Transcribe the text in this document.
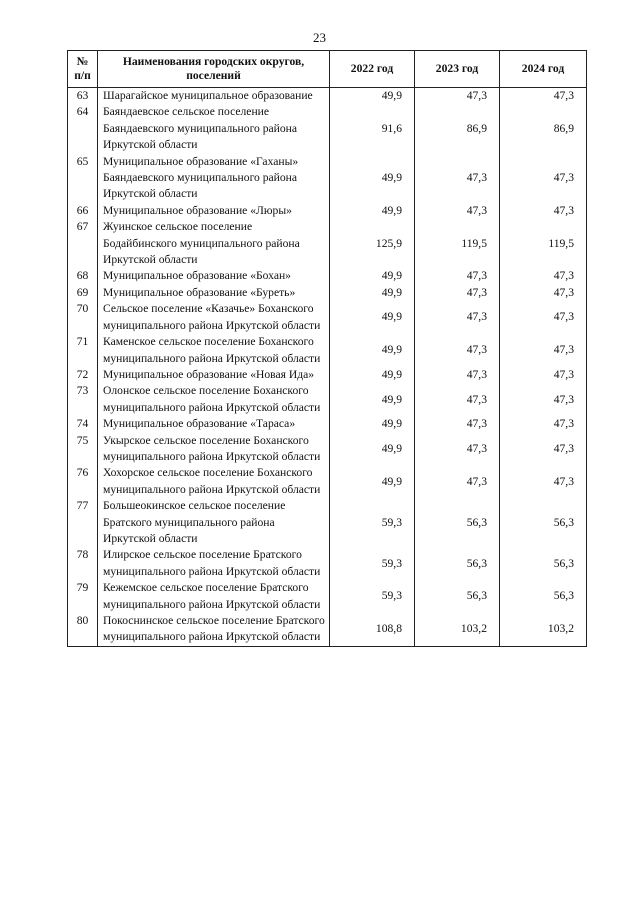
23
№
п/п	Наименования городских округов, поселений	2022 год	2023 год	2024 год
63	Шарагайское муниципальное образование	49,9	47,3	47,3
64	Баяндаевское сельское поселение Баяндаевского муниципального района Иркутской области	91,6	86,9	86,9
65	Муниципальное образование «Гаханы» Баяндаевского муниципального района Иркутской области	49,9	47,3	47,3
66	Муниципальное образование «Люры»	49,9	47,3	47,3
67	Жуинское сельское поселение Бодайбинского муниципального района Иркутской области	125,9	119,5	119,5
68	Муниципальное образование «Бохан»	49,9	47,3	47,3
69	Муниципальное образование «Буреть»	49,9	47,3	47,3
70	Сельское поселение «Казачье» Боханского муниципального района Иркутской области	49,9	47,3	47,3
71	Каменское сельское поселение Боханского муниципального района Иркутской области	49,9	47,3	47,3
72	Муниципальное образование «Новая Ида»	49,9	47,3	47,3
73	Олонское сельское поселение Боханского муниципального района Иркутской области	49,9	47,3	47,3
74	Муниципальное образование «Тараса»	49,9	47,3	47,3
75	Укырское сельское поселение Боханского муниципального района Иркутской области	49,9	47,3	47,3
76	Хохорское сельское поселение Боханского муниципального района Иркутской области	49,9	47,3	47,3
77	Большеокинское сельское поселение Братского муниципального района Иркутской области	59,3	56,3	56,3
78	Илирское сельское поселение Братского муниципального района Иркутской области	59,3	56,3	56,3
79	Кежемское сельское поселение Братского муниципального района Иркутской области	59,3	56,3	56,3
80	Покоснинское сельское поселение Братского муниципального района Иркутской области	108,8	103,2	103,2
